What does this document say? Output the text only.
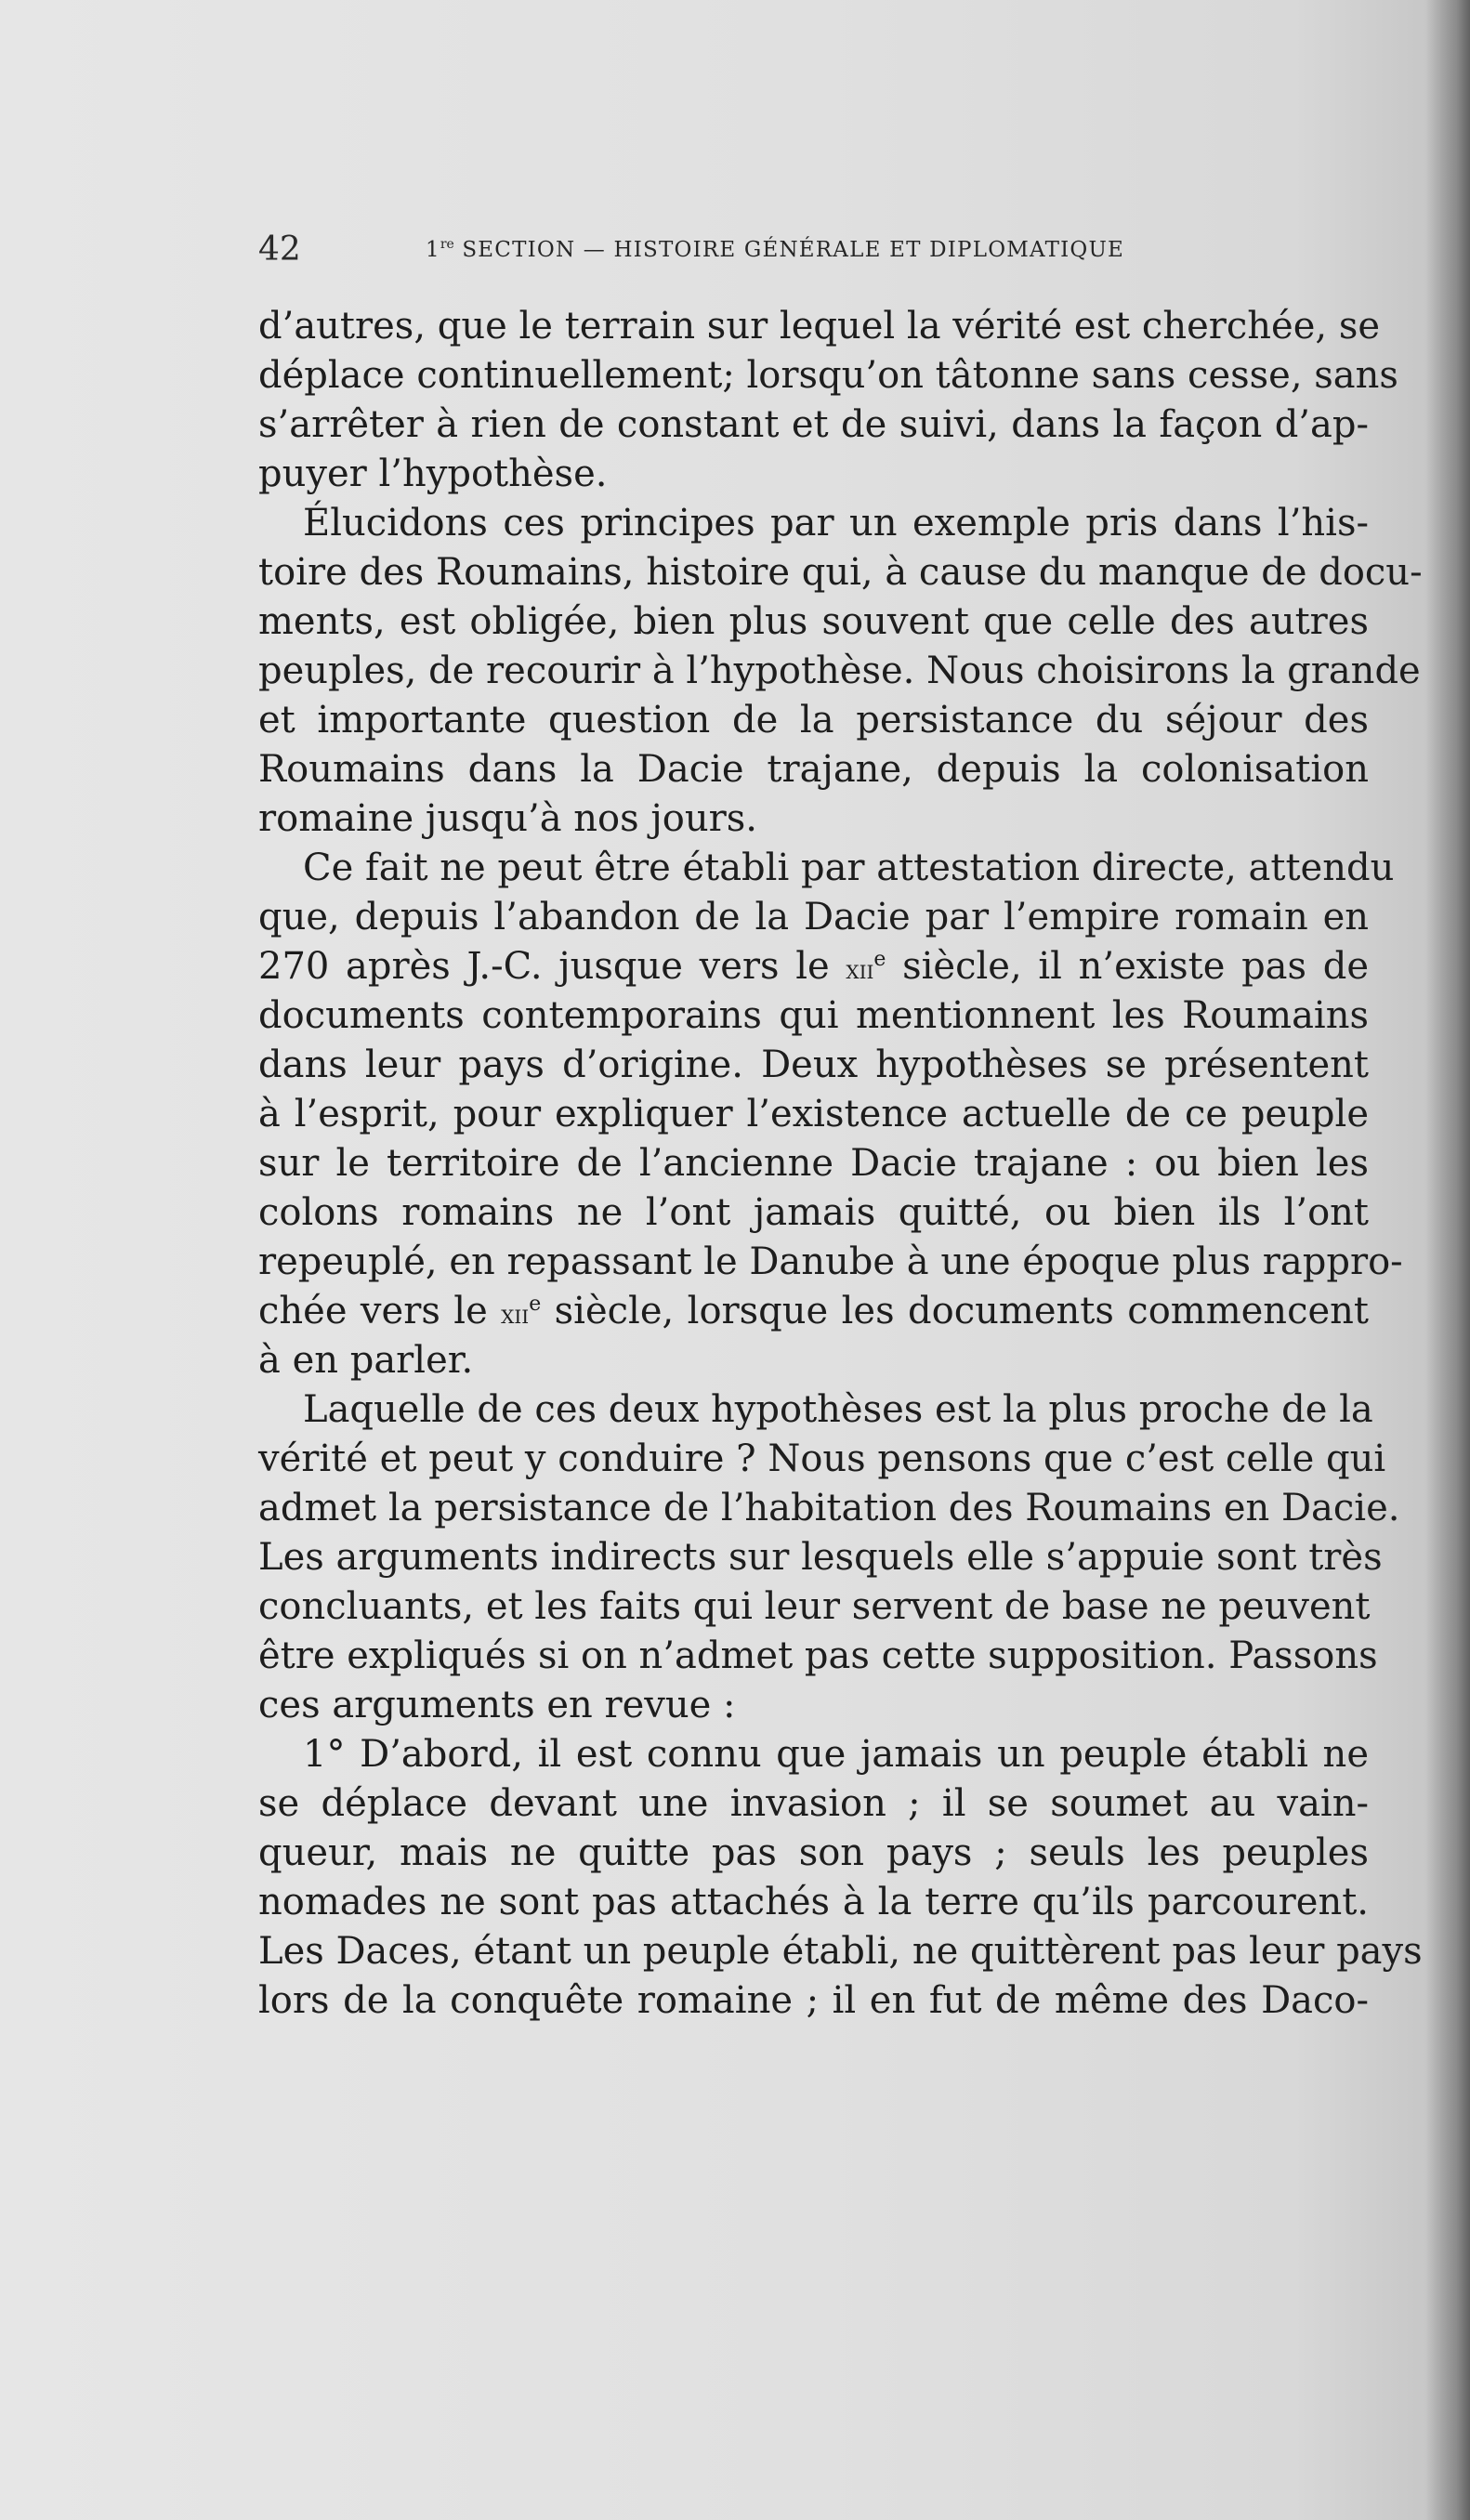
42	1re SECTION — HISTOIRE GÉNÉRALE ET DIPLOMATIQUE
d’autres, que le terrain sur lequel la vérité est cherchée, se
déplace continuellement; lorsqu’on tâtonne sans cesse, sans
s’arrêter à rien de constant et de suivi, dans la façon d’ap-
puyer l’hypothèse.
Élucidons ces principes par un exemple pris dans l’his-
toire des Roumains, histoire qui, à cause du manque de docu-
ments, est obligée, bien plus souvent que celle des autres
peuples, de recourir à l’hypothèse. Nous choisirons la grande
et importante question de la persistance du séjour des
Roumains dans la Dacie trajane, depuis la colonisation
romaine jusqu’à nos jours.
Ce fait ne peut être établi par attestation directe, attendu
que, depuis l’abandon de la Dacie par l’empire romain en
270 après J.-C. jusque vers le xii$^e$ siècle, il n’existe pas de
documents contemporains qui mentionnent les Roumains
dans leur pays d’origine. Deux hypothèses se présentent
à l’esprit, pour expliquer l’existence actuelle de ce peuple
sur le territoire de l’ancienne Dacie trajane : ou bien les
colons romains ne l’ont jamais quitté, ou bien ils l’ont
repeuplé, en repassant le Danube à une époque plus rappro-
chée vers le xii$^e$ siècle, lorsque les documents commencent
à en parler.
Laquelle de ces deux hypothèses est la plus proche de la
vérité et peut y conduire ? Nous pensons que c’est celle qui
admet la persistance de l’habitation des Roumains en Dacie.
Les arguments indirects sur lesquels elle s’appuie sont très
concluants, et les faits qui leur servent de base ne peuvent
être expliqués si on n’admet pas cette supposition. Passons
ces arguments en revue :
1° D’abord, il est connu que jamais un peuple établi ne
se déplace devant une invasion ; il se soumet au vain-
queur, mais ne quitte pas son pays ; seuls les peuples
nomades ne sont pas attachés à la terre qu’ils parcourent.
Les Daces, étant un peuple établi, ne quittèrent pas leur pays
lors de la conquête romaine ; il en fut de même des Daco-
